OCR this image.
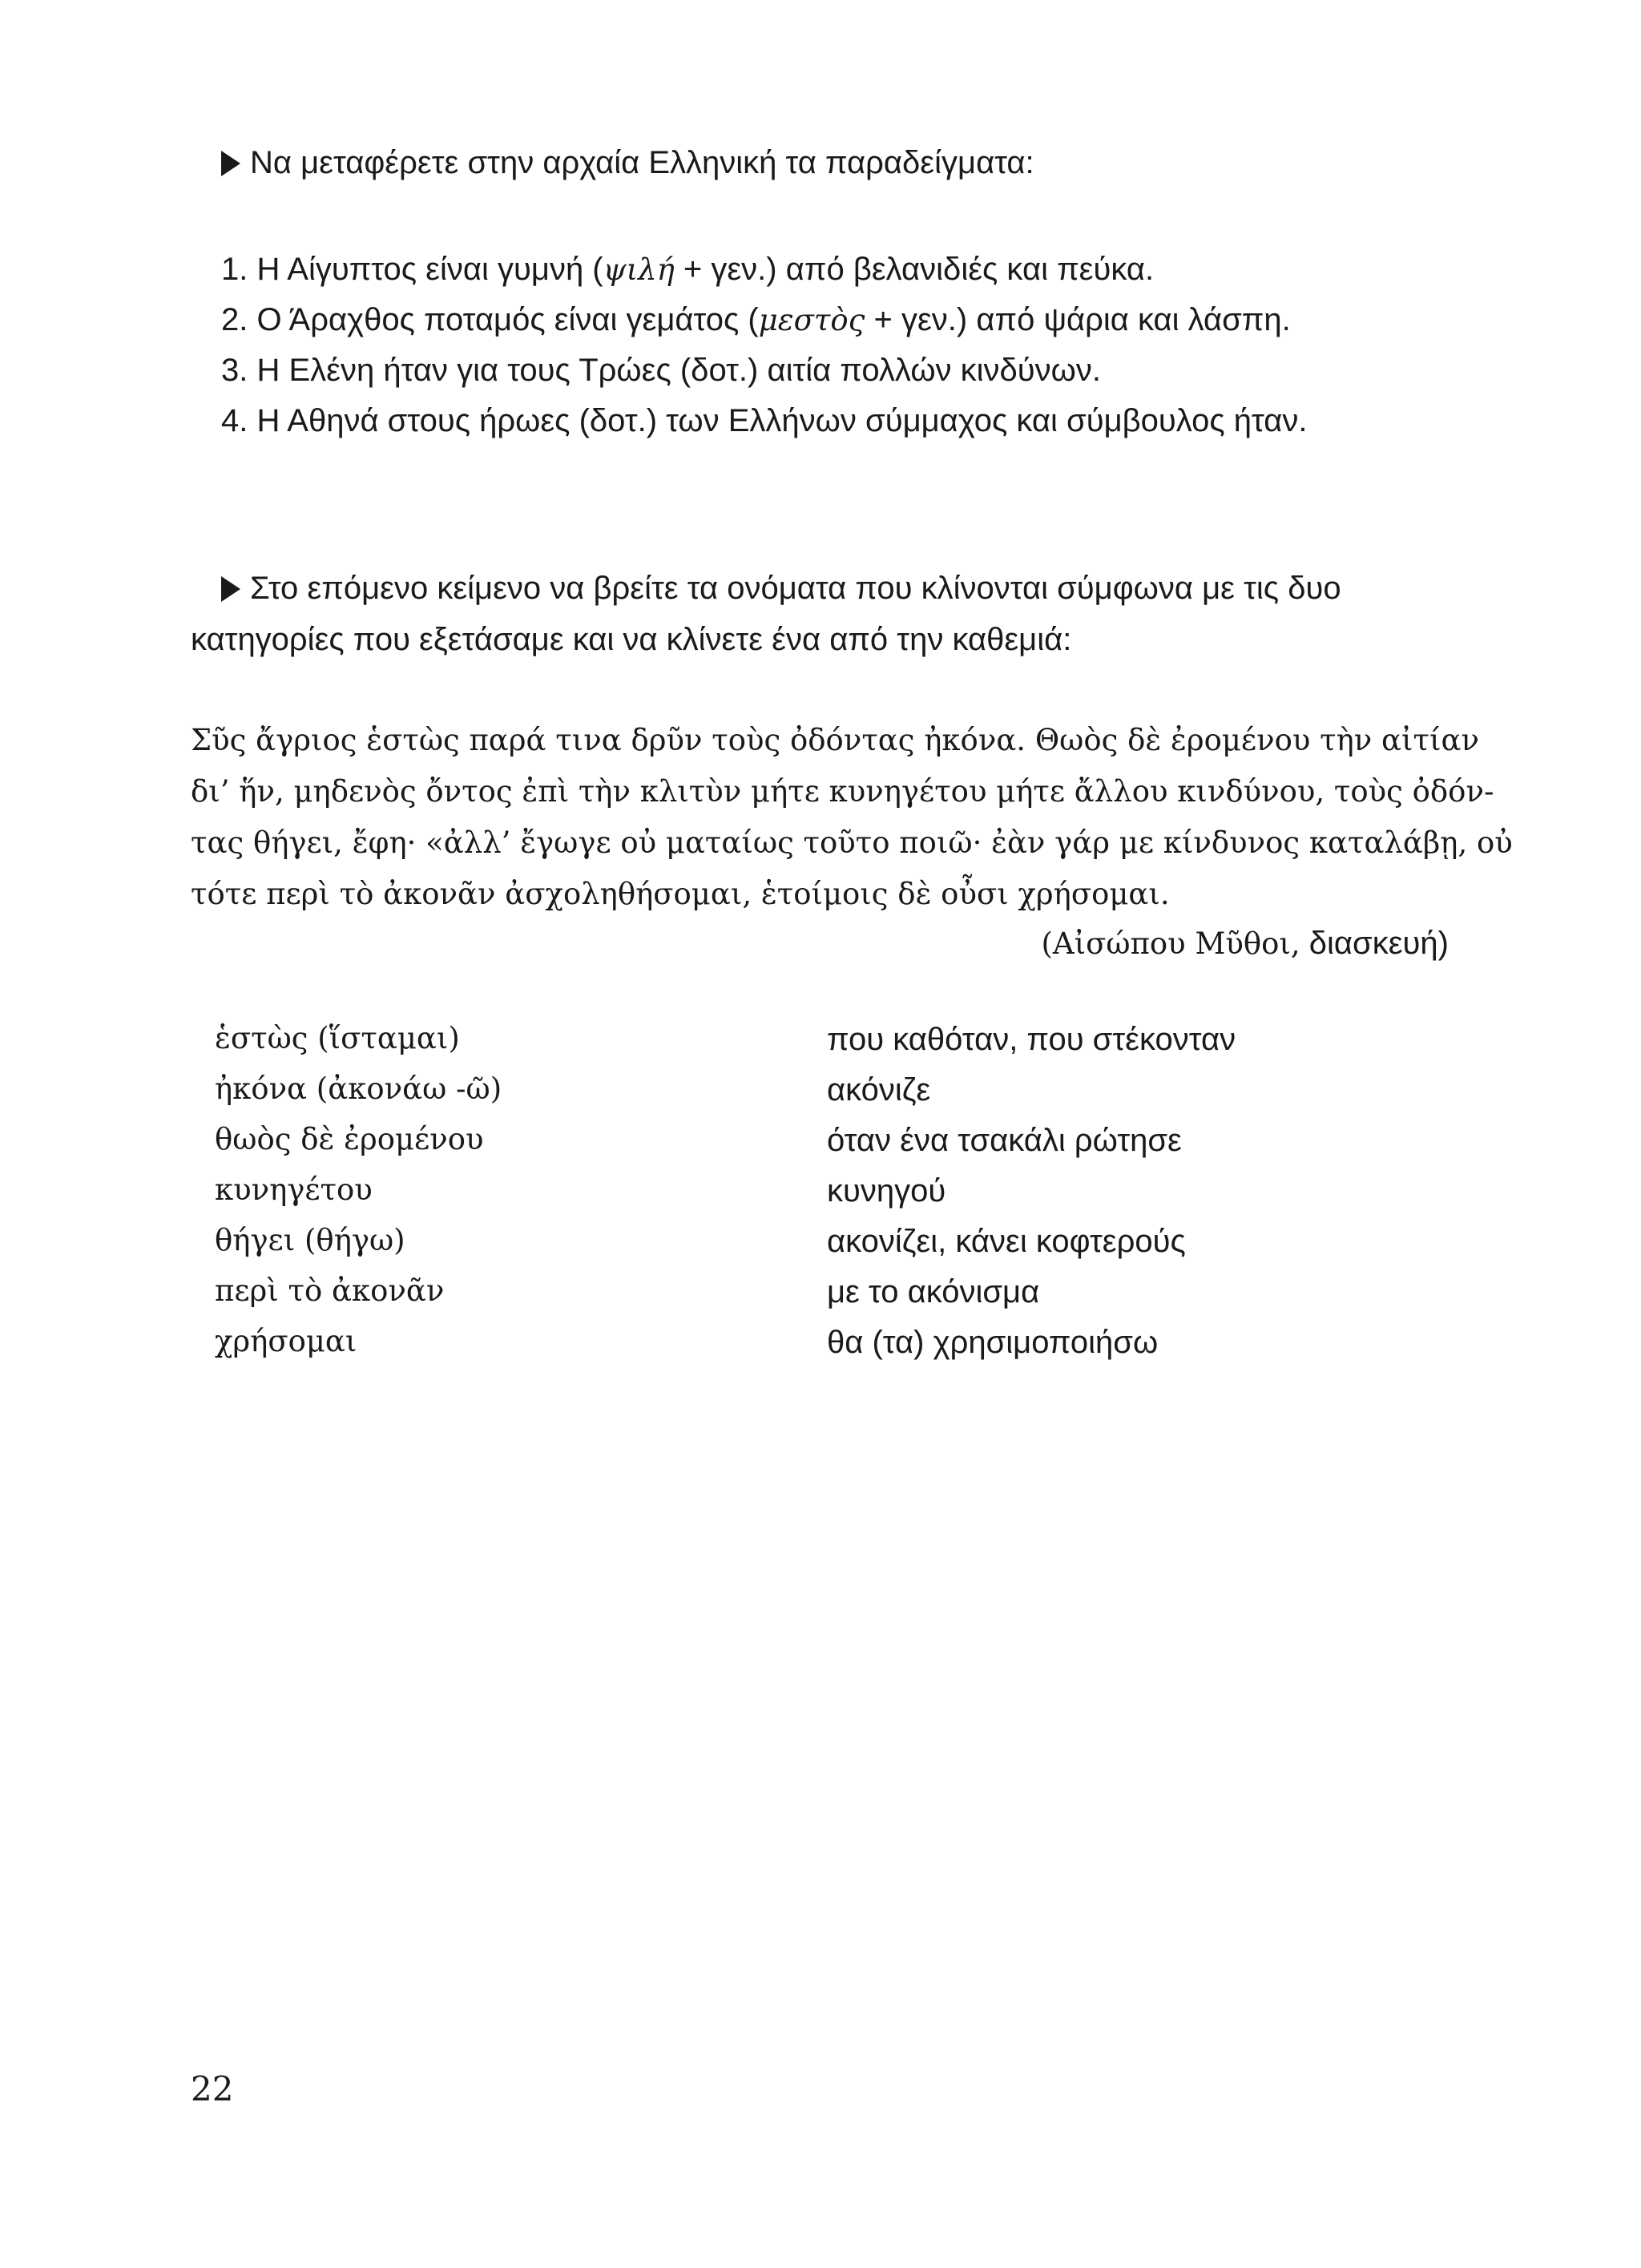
Να μεταφέρετε στην αρχαία Ελληνική τα παραδείγματα:
1. Η Αίγυπτος είναι γυμνή (ψιλή + γεν.) από βελανιδιές και πεύκα.
2. Ο Άραχθος ποταμός είναι γεμάτος (μεστὸς + γεν.) από ψάρια και λάσπη.
3. Η Ελένη ήταν για τους Τρώες (δοτ.) αιτία πολλών κινδύνων.
4. Η Αθηνά στους ήρωες (δοτ.) των Ελλήνων σύμμαχος και σύμβουλος ήταν.
Στο επόμενο κείμενο να βρείτε τα ονόματα που κλίνονται σύμφωνα με τις δυο
κατηγορίες που εξετάσαμε και να κλίνετε ένα από την καθεμιά:
Σῦς ἄγριος ἑστὼς παρά τινα δρῦν τοὺς ὀδόντας ἠκόνα. Θωὸς δὲ ἐρομένου τὴν αἰτίαν
δι’ ἥν, μηδενὸς ὄντος ἐπὶ τὴν κλιτὺν μήτε κυνηγέτου μήτε ἄλλου κινδύνου, τοὺς ὀδόν-
τας θήγει, ἔφη· «ἀλλ’ ἔγωγε οὐ ματαίως τοῦτο ποιῶ· ἐὰν γάρ με κίνδυνος καταλάβῃ, οὐ
τότε περὶ τὸ ἀκονᾶν ἀσχοληθήσομαι, ἑτοίμοις δὲ οὖσι χρήσομαι.
(Αἰσώπου Μῦθοι, διασκευή)
ἑστὼς (ἵσταμαι)	που καθόταν, που στέκονταν
ἠκόνα (ἀκονάω -ῶ)	ακόνιζε
θωὸς δὲ ἐρομένου	όταν ένα τσακάλι ρώτησε
κυνηγέτου	κυνηγού
θήγει (θήγω)	ακονίζει, κάνει κοφτερούς
περὶ τὸ ἀκονᾶν	με το ακόνισμα
χρήσομαι	θα (τα) χρησιμοποιήσω
22
